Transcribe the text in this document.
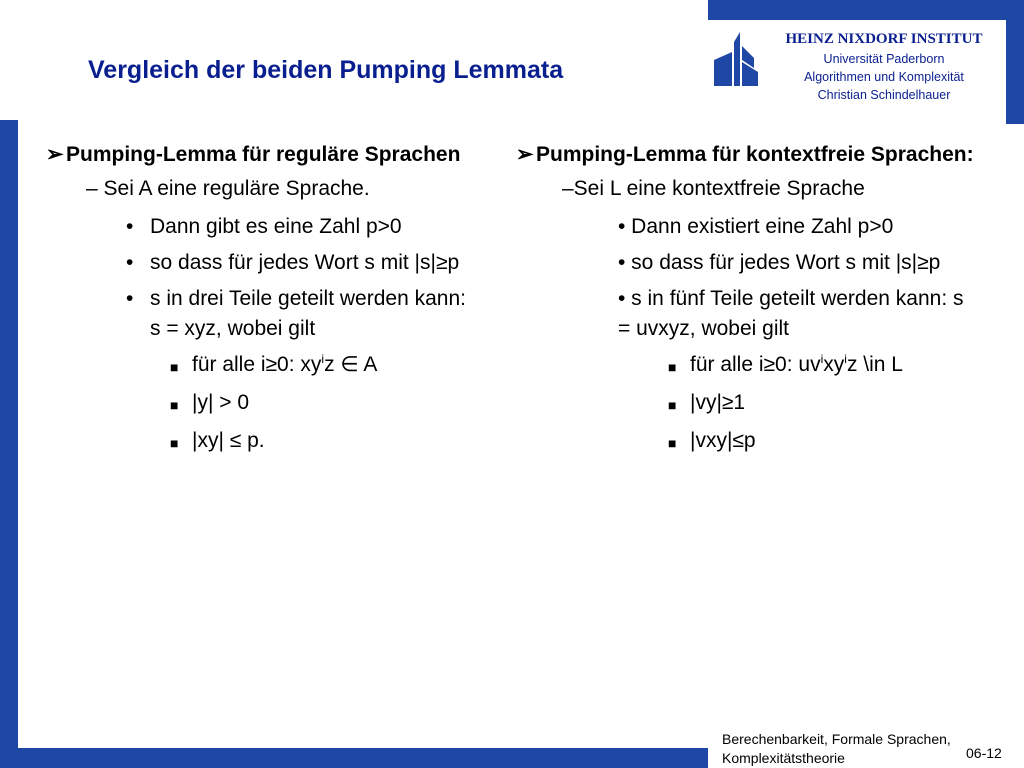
Vergleich der beiden Pumping Lemmata
HEINZ NIXDORF INSTITUT
Universität Paderborn
Algorithmen und Komplexität
Christian Schindelhauer
➢ Pumping-Lemma für reguläre Sprachen
– Sei A eine reguläre Sprache.
• Dann gibt es eine Zahl p>0
• so dass für jedes Wort s mit |s|≥p
• s in drei Teile geteilt werden kann: s = xyz, wobei gilt
■ für alle i≥0: $xy^iz$ ∈ A
■ |y| > 0
■ |xy| ≤ p.
➢ Pumping-Lemma für kontextfreie Sprachen:
–Sei L eine kontextfreie Sprache
• Dann existiert eine Zahl p>0
• so dass für jedes Wort s mit |s|≥p
• s in fünf Teile geteilt werden kann: s = uvxyz, wobei gilt
■ für alle i≥0: $uv^ixy^iz$ \in L
■ |vy|≥1
■ |vxy|≤p
Berechenbarkeit, Formale Sprachen,
Komplexitätstheorie	06-12
